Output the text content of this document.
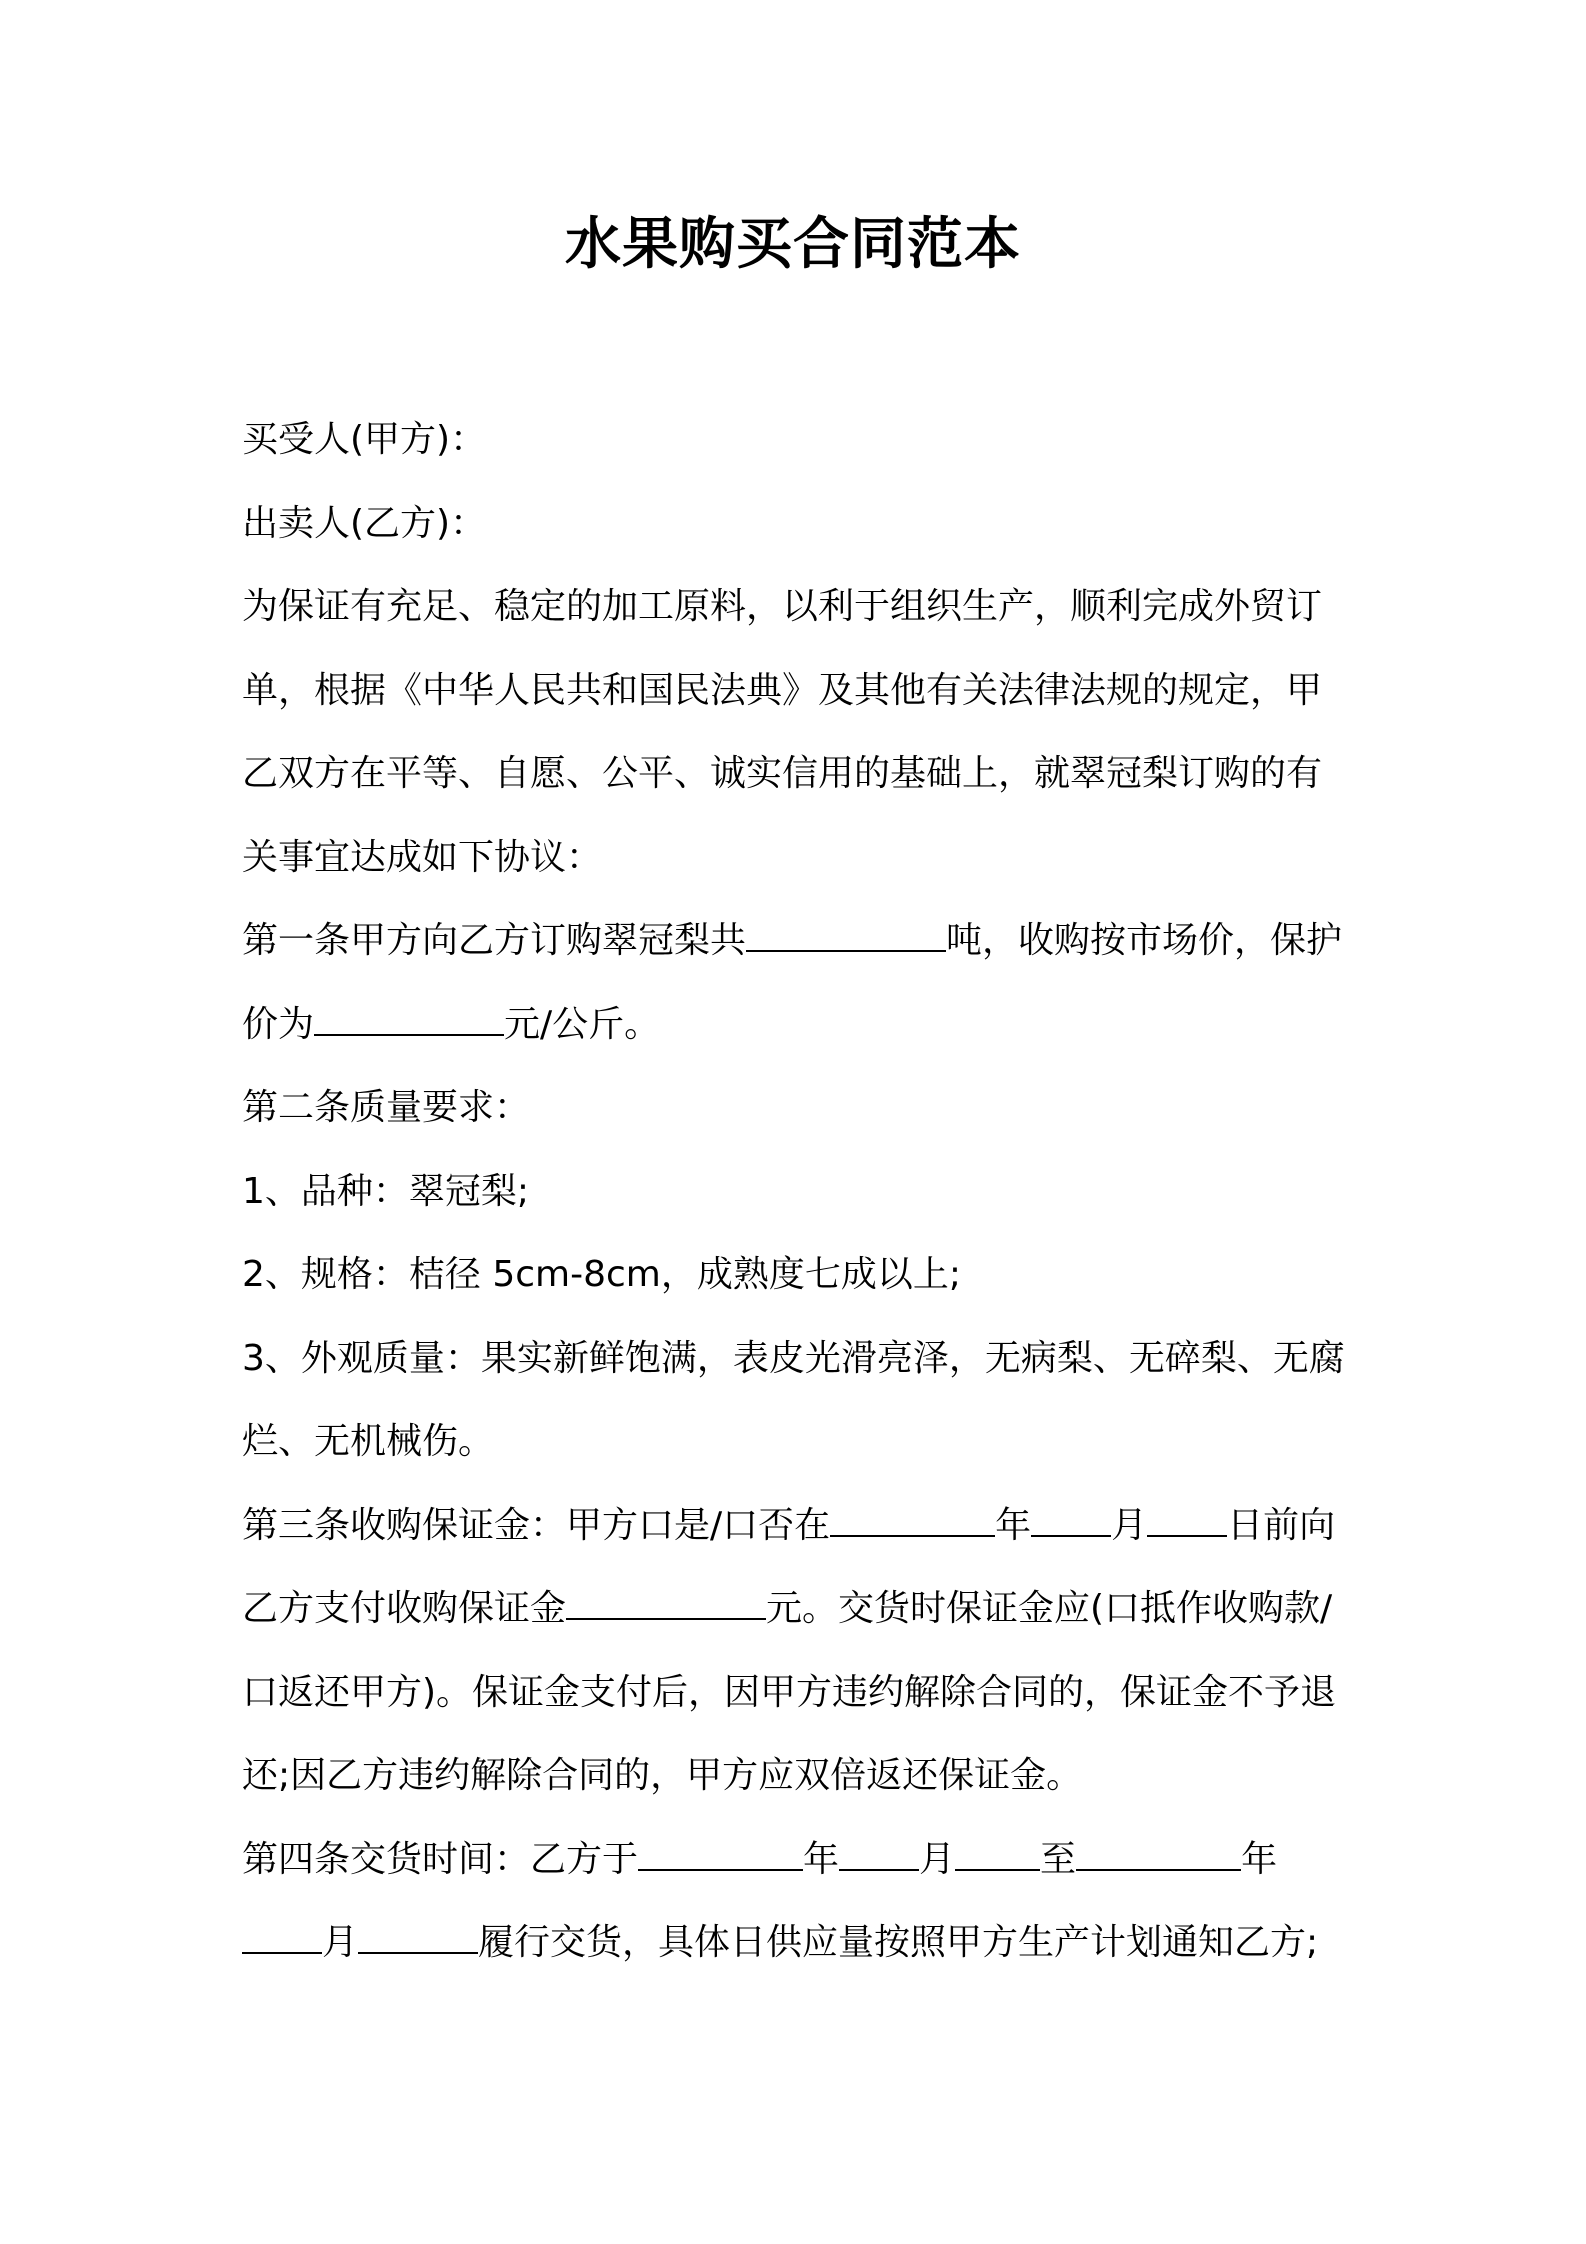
水果购买合同范本

买受人(甲方)：

出卖人(乙方)：

为保证有充足、稳定的加工原料，以利于组织生产，顺利完成外贸订单，根据《中华人民共和国民法典》及其他有关法律法规的规定，甲乙双方在平等、自愿、公平、诚实信用的基础上，就翠冠梨订购的有关事宜达成如下协议：

第一条甲方向乙方订购翠冠梨共	吨，收购按市场价，保护价为	元/公斤。

第二条质量要求：

1、品种：翠冠梨;

2、规格：桔径 5cm-8cm，成熟度七成以上;

3、外观质量：果实新鲜饱满，表皮光滑亮泽，无病梨、无碎梨、无腐烂、无机械伤。

第三条收购保证金：甲方口是/口否在	年 月 日前向乙方支付收购保证金	元。交货时保证金应(口抵作收购款/口返还甲方)。保证金支付后，因甲方违约解除合同的，保证金不予退还;因乙方违约解除合同的，甲方应双倍返还保证金。

第四条交货时间：乙方于	年 月 至	年月	履行交货，具体日供应量按照甲方生产计划通知乙方;
